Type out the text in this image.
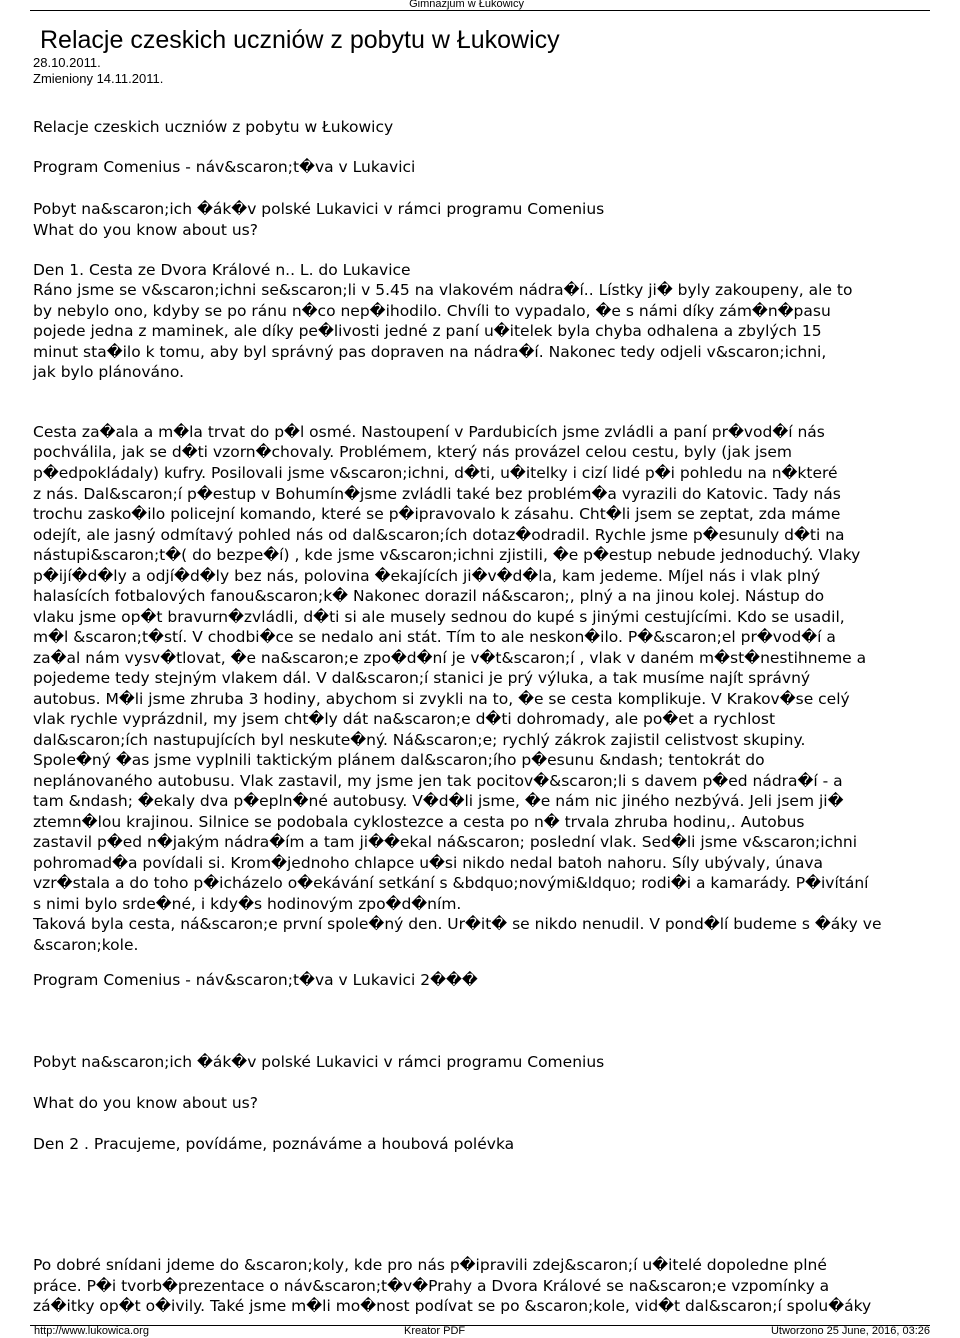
Gimnazjum w Łukowicy
Relacje czeskich uczniów z pobytu w Łukowicy
28.10.2011.
Zmieniony 14.11.2011.
Relacje czeskich uczniów z pobytu w Łukowicy
Program Comenius - náv&scaron;t�va v Lukavici
Pobyt na&scaron;ich �ák�v polské Lukavici v rámci programu Comenius
What do you know about us?
Den 1. Cesta ze Dvora Králové n.. L. do Lukavice
Ráno jsme se v&scaron;ichni se&scaron;li v 5.45 na vlakovém nádra�í.. Lístky ji� byly zakoupeny, ale to
by nebylo ono, kdyby se po ránu n�co nep�ihodilo. Chvíli to vypadalo, �e s námi díky zám�n�pasu
pojede jedna z maminek, ale díky pe�livosti jedné z paní u�itelek byla chyba odhalena a zbylých 15
minut sta�ilo k tomu, aby byl správný pas dopraven na nádra�í. Nakonec tedy odjeli v&scaron;ichni,
jak bylo plánováno.
Cesta za�ala a m�la trvat do p�l osmé. Nastoupení v Pardubicích jsme zvládli a paní pr�vod�í nás
pochválila, jak se d�ti vzorn�chovaly. Problémem, který nás provázel celou cestu, byly (jak jsem
p�edpokládaly) kufry. Posilovali jsme v&scaron;ichni, d�ti, u�itelky i cizí lidé p�i pohledu na n�které
z nás. Dal&scaron;í p�estup v Bohumín�jsme zvládli také bez problém�a vyrazili do Katovic. Tady nás
trochu zasko�ilo policejní komando, které se p�ipravovalo k zásahu. Cht�li jsem se zeptat, zda máme
odejít, ale jasný odmítavý pohled nás od dal&scaron;ích dotaz�odradil. Rychle jsme p�esunuly d�ti na
nástupi&scaron;t�( do bezpe�í) , kde jsme v&scaron;ichni zjistili, �e p�estup nebude jednoduchý. Vlaky
p�ijí�d�ly a odjí�d�ly bez nás, polovina �ekajících ji�v�d�la, kam jedeme. Míjel nás i vlak plný
halasících fotbalových fanou&scaron;k� Nakonec dorazil ná&scaron;, plný a na jinou kolej. Nástup do
vlaku jsme op�t bravurn�zvládli, d�ti si ale musely sednou do kupé s jinými cestujícími. Kdo se usadil,
m�l &scaron;t�stí. V chodbi�ce se nedalo ani stát. Tím to ale neskon�ilo. P�&scaron;el pr�vod�í a
za�al nám vysv�tlovat, �e na&scaron;e zpo�d�ní je v�t&scaron;í , vlak v daném m�st�nestihneme a
pojedeme tedy stejným vlakem dál. V dal&scaron;í stanici je prý výluka, a tak musíme najít správný
autobus. M�li jsme zhruba 3 hodiny, abychom si zvykli na to, �e se cesta komplikuje. V Krakov�se celý
vlak rychle vyprázdnil, my jsem cht�ly dát na&scaron;e d�ti dohromady, ale po�et a rychlost
dal&scaron;ích nastupujících byl neskute�ný. Ná&scaron;e; rychlý zákrok zajistil celistvost skupiny.
Spole�ný �as jsme vyplnili taktickým plánem dal&scaron;ího p�esunu &ndash; tentokrát do
neplánovaného autobusu. Vlak zastavil, my jsme jen tak pocitov�&scaron;li s davem p�ed nádra�í - a
tam &ndash; �ekaly dva p�epln�né autobusy. V�d�li jsme, �e nám nic jiného nezbývá. Jeli jsem ji�
ztemn�lou krajinou. Silnice se podobala cyklostezce a cesta po n� trvala zhruba hodinu,. Autobus
zastavil p�ed n�jakým nádra�ím a tam ji��ekal ná&scaron; poslední vlak. Sed�li jsme v&scaron;ichni
pohromad�a povídali si. Krom�jednoho chlapce u�si nikdo nedal batoh nahoru. Síly ubývaly, únava
vzr�stala a do toho p�icházelo o�ekávání setkání s &bdquo;novými&ldquo; rodi�i a kamarády. P�ivítání
s nimi bylo srde�né, i kdy�s hodinovým zpo�d�ním.
Taková byla cesta, ná&scaron;e první spole�ný den. Ur�it� se nikdo nenudil. V pond�lí budeme s �áky ve
&scaron;kole.
Program Comenius - náv&scaron;t�va v Lukavici 2���
Pobyt na&scaron;ich �ák�v polské Lukavici v rámci programu Comenius
What do you know about us?
Den 2 . Pracujeme, povídáme, poznáváme a houbová polévka
Po dobré snídani jdeme do &scaron;koly, kde pro nás p�ipravili zdej&scaron;í u�itelé dopoledne plné
práce. P�i tvorb�prezentace o náv&scaron;t�v�Prahy a Dvora Králové se na&scaron;e vzpomínky a
zá�itky op�t o�ivily. Také jsme m�li mo�nost podívat se po &scaron;kole, vid�t dal&scaron;í spolu�áky
http://www.lukowica.org	Kreator PDF	Utworzono 25 June, 2016, 03:26
